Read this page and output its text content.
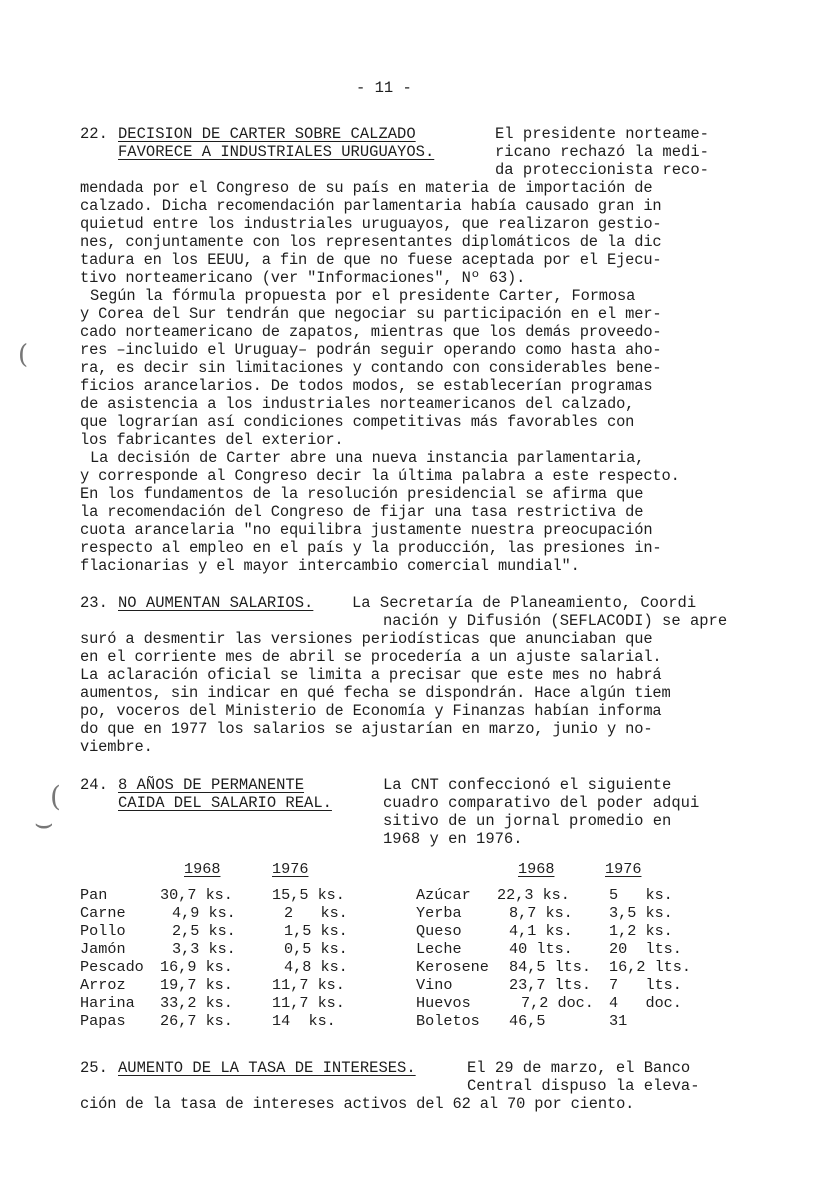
(
(
⌣
- 11 -
22. DECISION DE CARTER SOBRE CALZADO
FAVORECE A INDUSTRIALES URUGUAYOS.
El presidente norteame-
ricano rechazó la medi-
da proteccionista reco-
mendada por el Congreso de su país en materia de importación de
calzado. Dicha recomendación parlamentaria había causado gran in
quietud entre los industriales uruguayos, que realizaron gestio-
nes, conjuntamente con los representantes diplomáticos de la dic
tadura en los EEUU, a fin de que no fuese aceptada por el Ejecu-
tivo norteamericano (ver "Informaciones", Nº 63).
Según la fórmula propuesta por el presidente Carter, Formosa
y Corea del Sur tendrán que negociar su participación en el mer-
cado norteamericano de zapatos, mientras que los demás proveedo-
res –incluido el Uruguay– podrán seguir operando como hasta aho-
ra, es decir sin limitaciones y contando con considerables bene-
ficios arancelarios. De todos modos, se establecerían programas
de asistencia a los industriales norteamericanos del calzado,
que lograrían así condiciones competitivas más favorables con
los fabricantes del exterior.
La decisión de Carter abre una nueva instancia parlamentaria,
y corresponde al Congreso decir la última palabra a este respecto.
En los fundamentos de la resolución presidencial se afirma que
la recomendación del Congreso de fijar una tasa restrictiva de
cuota arancelaria "no equilibra justamente nuestra preocupación
respecto al empleo en el país y la producción, las presiones in-
flacionarias y el mayor intercambio comercial mundial".
23. NO AUMENTAN SALARIOS. La Secretaría de Planeamiento, Coordi
nación y Difusión (SEFLACODI) se apre
suró a desmentir las versiones periodísticas que anunciaban que
en el corriente mes de abril se procedería a un ajuste salarial.
La aclaración oficial se limita a precisar que este mes no habrá
aumentos, sin indicar en qué fecha se dispondrán. Hace algún tiem
po, voceros del Ministerio de Economía y Finanzas habían informa
do que en 1977 los salarios se ajustarían en marzo, junio y no-
viembre.
24. 8 AÑOS DE PERMANENTE
CAIDA DEL SALARIO REAL.
La CNT confeccionó el siguiente
cuadro comparativo del poder adqui
sitivo de un jornal promedio en
1968 y en 1976.
1968	1976
Pan	30,7 ks.	15,5 ks.
Carne	4,9 ks.	2   ks.
Pollo	2,5 ks.	1,5 ks.
Jamón	3,3 ks.	0,5 ks.
Pescado 16,9 ks.	4,8 ks.
Arroz 19,7 ks.	11,7 ks.
Harina 33,2 ks.	11,7 ks.
Papas 26,7 ks.	14  ks.
1968	1976
Azúcar 22,3 ks.	5   ks.
Yerba	8,7 ks. 3,5 ks.
Queso	4,1 ks. 1,2 ks.
Leche	40 lts. 20  lts.
Kerosene 84,5 lts. 16,2 lts.
Vino	23,7 lts. 7   lts.
Huevos	7,2 doc. 4   doc.
Boletos 46,5	31
25. AUMENTO DE LA TASA DE INTERESES.	El 29 de marzo, el Banco
Central dispuso la eleva-
ción de la tasa de intereses activos del 62 al 70 por ciento.
